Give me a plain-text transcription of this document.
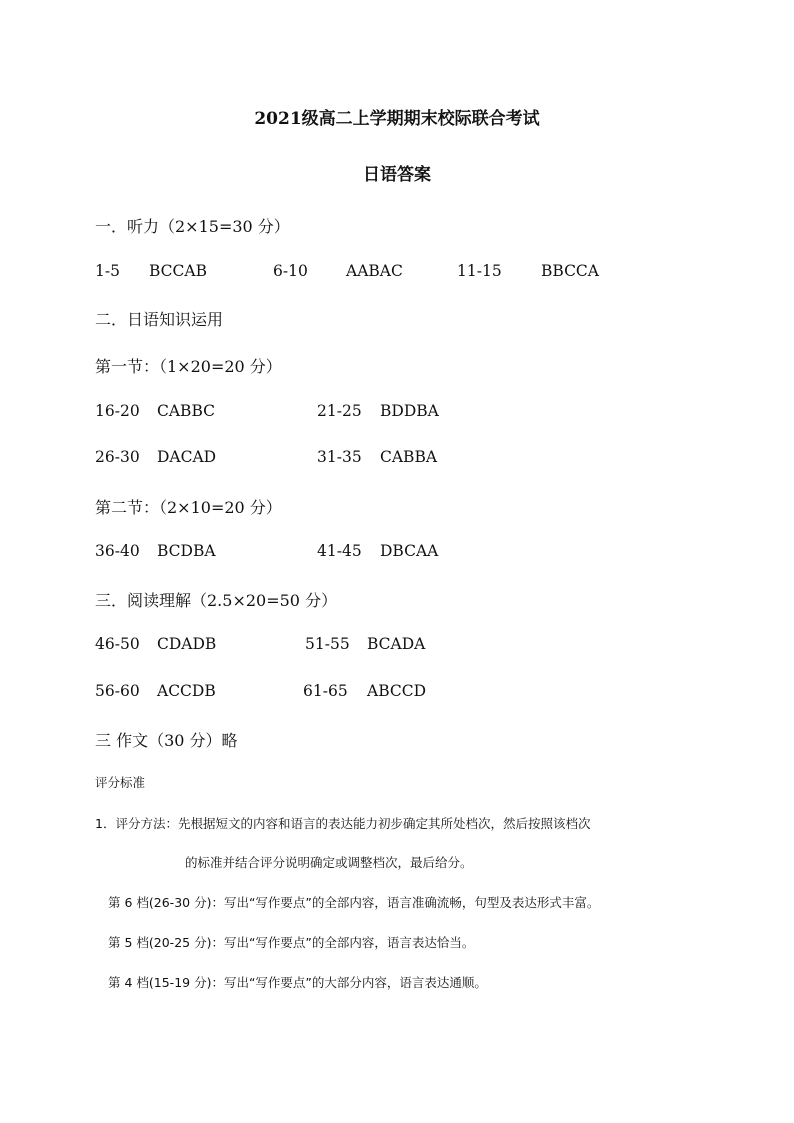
2021级高二上学期期末校际联合考试
日语答案
一．听力（2×15=30 分）
1-5 BCCAB	6-10 AABAC	11-15	BBCCA
二．日语知识运用
第一节：（1×20=20 分）
16-20 CABBC	21-25 BDDBA
26-30 DACAD	31-35 CABBA
第二节：（2×10=20 分）
36-40 BCDBA	41-45 DBCAA
三．阅读理解（2.5×20=50 分）
46-50 CDADB	51-55 BCADA
56-60 ACCDB	61-65 ABCCD
三 作文（30 分）略
评分标准
1．评分方法：先根据短文的内容和语言的表达能力初步确定其所处档次，然后按照该档次
的标准并结合评分说明确定或调整档次，最后给分。
第 6 档(26-30 分)：写出“写作要点”的全部内容，语言准确流畅，句型及表达形式丰富。
第 5 档(20-25 分)：写出“写作要点”的全部内容，语言表达恰当。
第 4 档(15-19 分)：写出“写作要点”的大部分内容，语言表达通顺。
